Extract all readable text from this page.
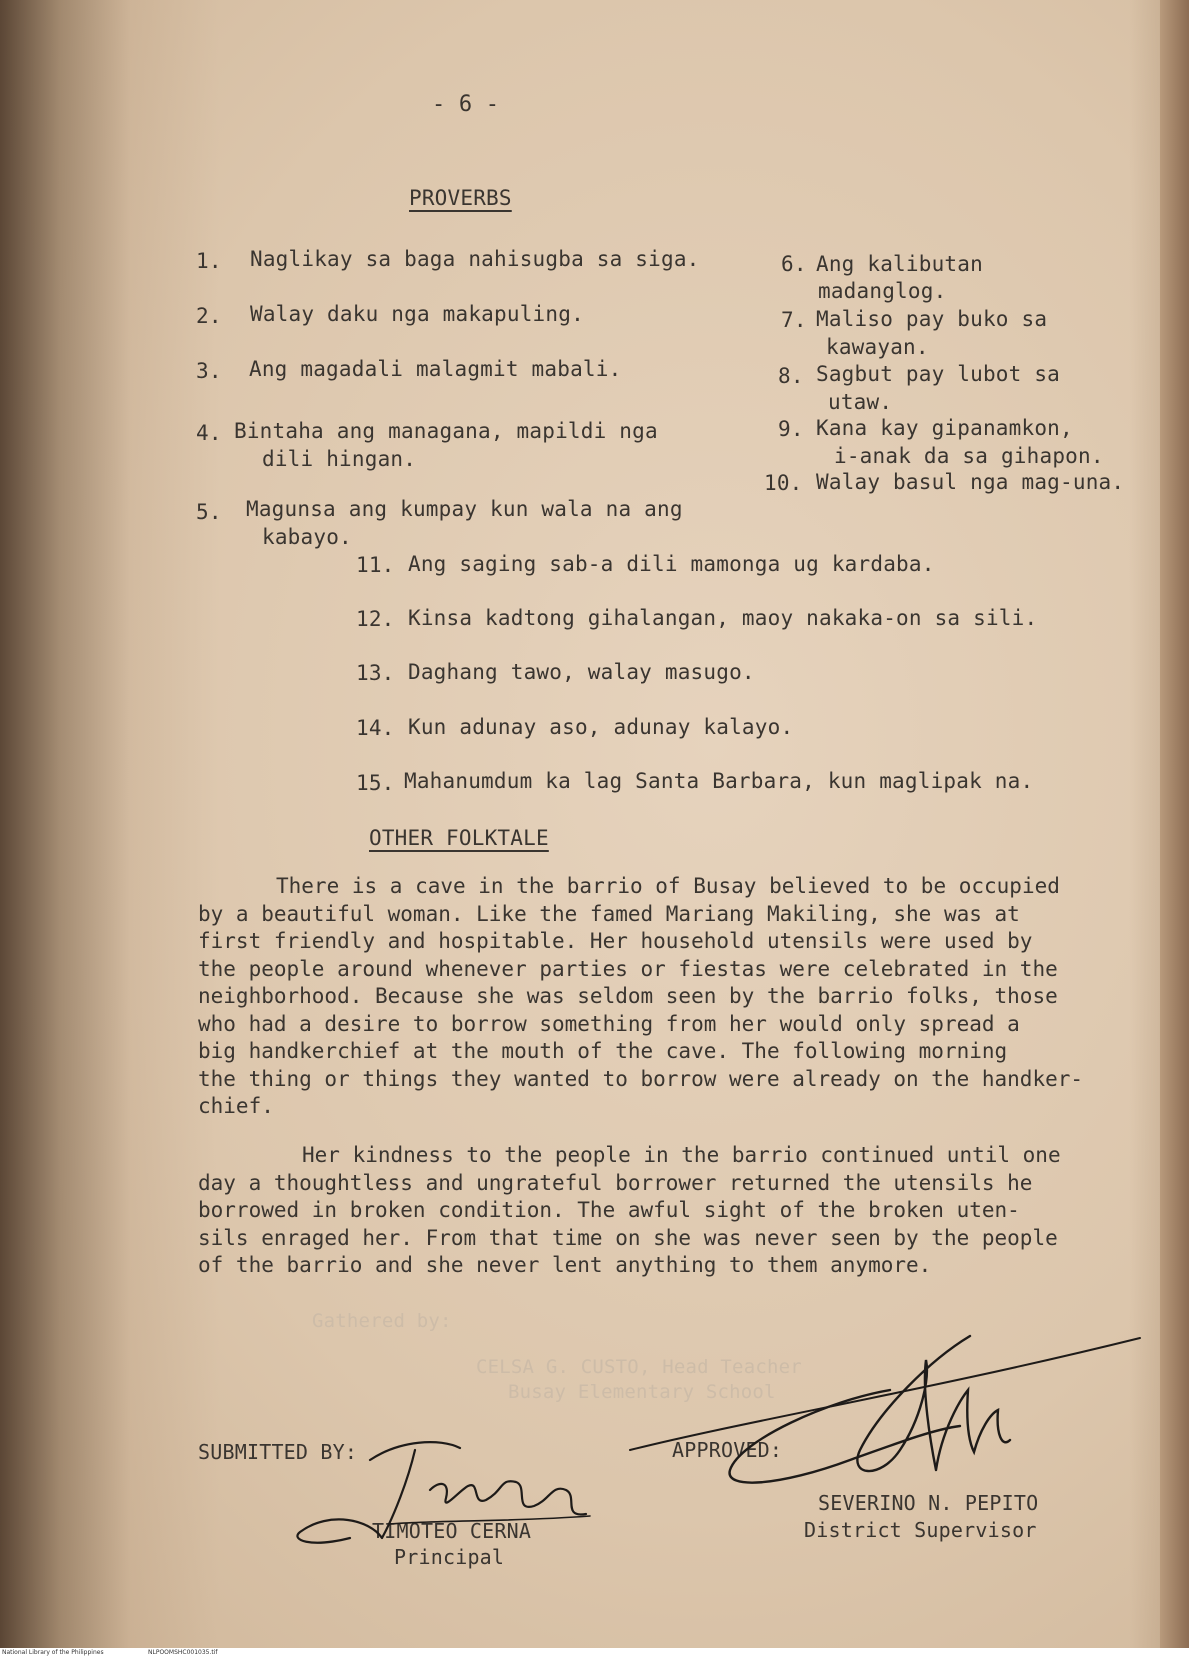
- 6 -
PROVERBS
1. Naglikay sa baga nahisugba sa siga.
2. Walay daku nga makapuling.
3. Ang magadali malagmit mabali.
4. Bintaha ang managana, mapildi nga
dili hingan.
5. Magunsa ang kumpay kun wala na ang
kabayo.
6. Ang kalibutan
madanglog.
7. Maliso pay buko sa
kawayan.
8. Sagbut pay lubot sa
utaw.
9. Kana kay gipanamkon,
i-anak da sa gihapon.
10. Walay basul nga mag-una.
11. Ang saging sab-a dili mamonga ug kardaba.
12. Kinsa kadtong gihalangan, maoy nakaka-on sa sili.
13. Daghang tawo, walay masugo.
14. Kun adunay aso, adunay kalayo.
15. Mahanumdum ka lag Santa Barbara, kun maglipak na.
OTHER FOLKTALE
There is a cave in the barrio of Busay believed to be occupied
by a beautiful woman. Like the famed Mariang Makiling, she was at
first friendly and hospitable. Her household utensils were used by
the people around whenever parties or fiestas were celebrated in the
neighborhood. Because she was seldom seen by the barrio folks, those
who had a desire to borrow something from her would only spread a
big handkerchief at the mouth of the cave. The following morning
the thing or things they wanted to borrow were already on the handker-
chief.
Her kindness to the people in the barrio continued until one
day a thoughtless and ungrateful borrower returned the utensils he
borrowed in broken condition. The awful sight of the broken uten-
sils enraged her. From that time on she was never seen by the people
of the barrio and she never lent anything to them anymore.
Gathered by:
CELSA G. CUSTO, Head Teacher
Busay Elementary School
SUBMITTED BY:
TIMOTEO CERNA
Principal
APPROVED:
SEVERINO N. PEPITO
District Supervisor
National Library of the Philippines	NLPOOMSHC001035.tif
